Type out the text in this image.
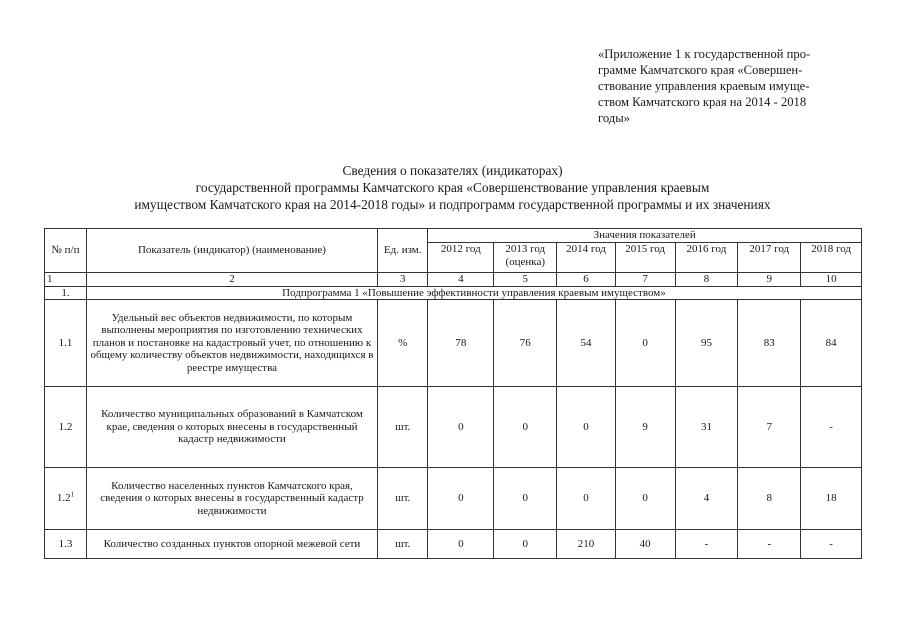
«Приложение 1 к государственной про-
грамме Камчатского края «Совершен-
ствование управления краевым имуще-
ством Камчатского края на 2014 - 2018
годы»
Сведения о показателях (индикаторах)
государственной программы Камчатского края «Совершенствование управления краевым
имуществом Камчатского края на 2014-2018 годы» и подпрограмм государственной программы и их значениях
№ п/п	Показатель (индикатор) (наименование)	Ед. изм.	Значения показателей						
			2012 год	2013 год (оценка)	2014 год	2015 год	2016 год	2017 год	2018 год
1	2	3	4	5	6	7	8	9	10
1.	Подпрограмма 1 «Повышение эффективности управления краевым имуществом»								
1.1	Удельный вес объектов недвижимости, по которым выполнены мероприятия по изготовлению технических планов и постановке на кадастровый учет, по отношению к общему количеству объектов недвижимости, находящихся в реестре имущества	%	78	76	54	0	95	83	84
1.2	Количество муниципальных образований в Камчатском крае, сведения о которых внесены в государственный кадастр недвижимости	шт.	0	0	0	9	31	7	-
$1.2^1$	Количество населенных пунктов Камчатского края, сведения о которых внесены в государственный кадастр недвижимости	шт.	0	0	0	0	4	8	18
1.3	Количество созданных пунктов опорной межевой сети	шт.	0	0	210	40	-	-	-
